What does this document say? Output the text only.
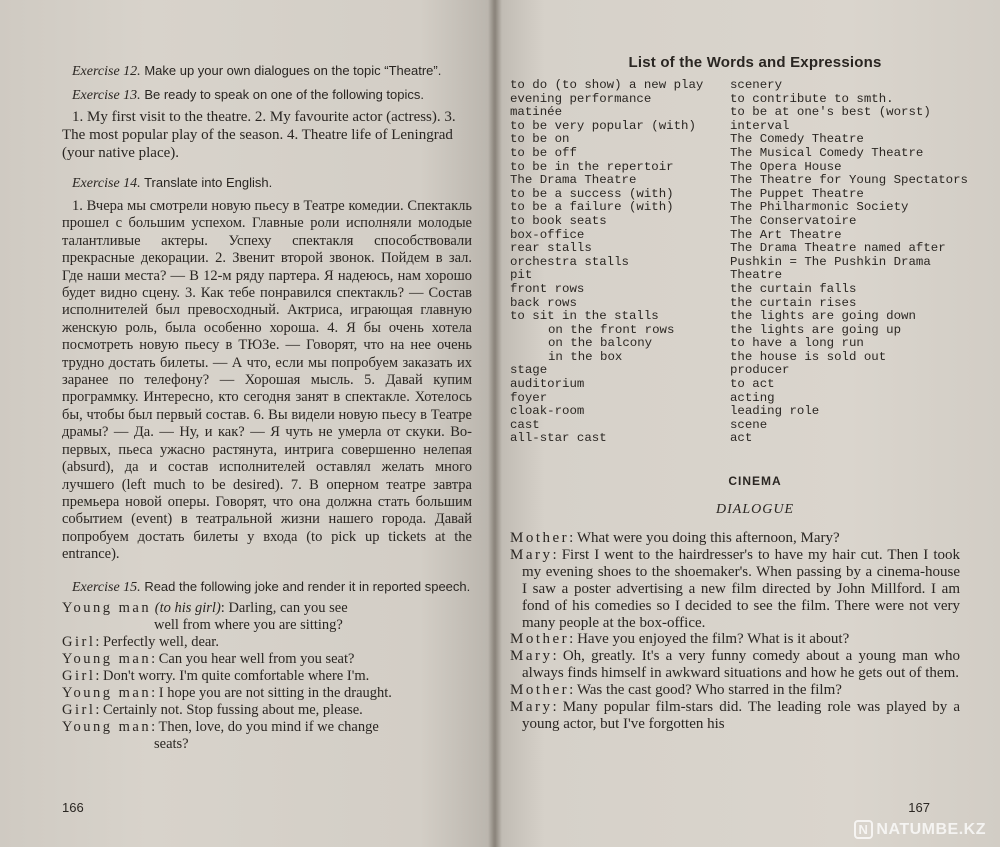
Exercise 12. Make up your own dialogues on the topic “Theatre”.

Exercise 13. Be ready to speak on one of the following topics.

1. My first visit to the theatre. 2. My favourite actor (actress). 3. The most popular play of the season. 4. Theatre life of Leningrad (your native place).

Exercise 14. Translate into English.

1. Вчера мы смотрели новую пьесу в Театре комедии. Спектакль прошел с большим успехом. Главные роли исполняли молодые талантливые актеры. Успеху спектакля способствовали прекрасные декорации. 2. Звенит второй звонок. Пойдем в зал. Где наши места? — В 12-м ряду партера. Я надеюсь, нам хорошо будет видно сцену. 3. Как тебе понравился спектакль? — Состав исполнителей был превосходный. Актриса, играющая главную женскую роль, была особенно хороша. 4. Я бы очень хотела посмотреть новую пьесу в ТЮЗе. — Говорят, что на нее очень трудно достать билеты. — А что, если мы попробуем заказать их заранее по телефону? — Хорошая мысль. 5. Давай купим программку. Интересно, кто сегодня занят в спектакле. Хотелось бы, чтобы был первый состав. 6. Вы видели новую пьесу в Театре драмы? — Да. — Ну, и как? — Я чуть не умерла от скуки. Во-первых, пьеса ужасно растянута, интрига совершенно нелепая (absurd), да и состав исполнителей оставлял желать много лучшего (left much to be desired). 7. В оперном театре завтра премьера новой оперы. Говорят, что она должна стать большим событием (event) в театральной жизни нашего города. Давай попробуем достать билеты у входа (to pick up tickets at the entrance).

Exercise 15. Read the following joke and render it in reported speech.

Young man (to his girl): Darling, can you see

well from where you are sitting?

Girl: Perfectly well, dear.

Young man: Can you hear well from you seat?

Girl: Don't worry. I'm quite comfortable where I'm.

Young man: I hope you are not sitting in the draught.

Girl: Certainly not. Stop fussing about me, please.

Young man: Then, love, do you mind if we change

seats?

166
List of the Words and Expressions
to do (to show) a new play
evening performance
matinée
to be very popular (with)
to be on
to be off
to be in the repertoir
The Drama Theatre
to be a success (with)
to be a failure (with)
to book seats
box-office
rear stalls
orchestra stalls
pit
front rows
back rows
to sit in the stalls
on the front rows
on the balcony
in the box
stage
auditorium
foyer
cloak-room
cast
all-star cast
scenery
to contribute to smth.
to be at one's best (worst)
interval
The Comedy Theatre
The Musical Comedy Theatre
The Opera House
The Theatre for Young Spectators
The Puppet Theatre
The Philharmonic Society
The Conservatoire
The Art Theatre
The Drama Theatre named after
Pushkin = The Pushkin Drama
Theatre
the curtain falls
the curtain rises
the lights are going down
the lights are going up
to have a long run
the house is sold out
producer
to act
acting
leading role
scene
act
CINEMA
DIALOGUE

Mother: What were you doing this afternoon, Mary?

Mary: First I went to the hairdresser's to have my hair cut. Then I took my evening shoes to the shoemaker's. When passing by a cinema-house I saw a poster advertising a new film directed by John Millford. I am fond of his comedies so I decided to see the film. There were not very many people at the box-office.

Mother: Have you enjoyed the film? What is it about?

Mary: Oh, greatly. It's a very funny comedy about a young man who always finds himself in awkward situations and how he gets out of them.

Mother: Was the cast good? Who starred in the film?

Mary: Many popular film-stars did. The leading role was played by a young actor, but I've forgotten his

167
N NATUMBE.KZ
